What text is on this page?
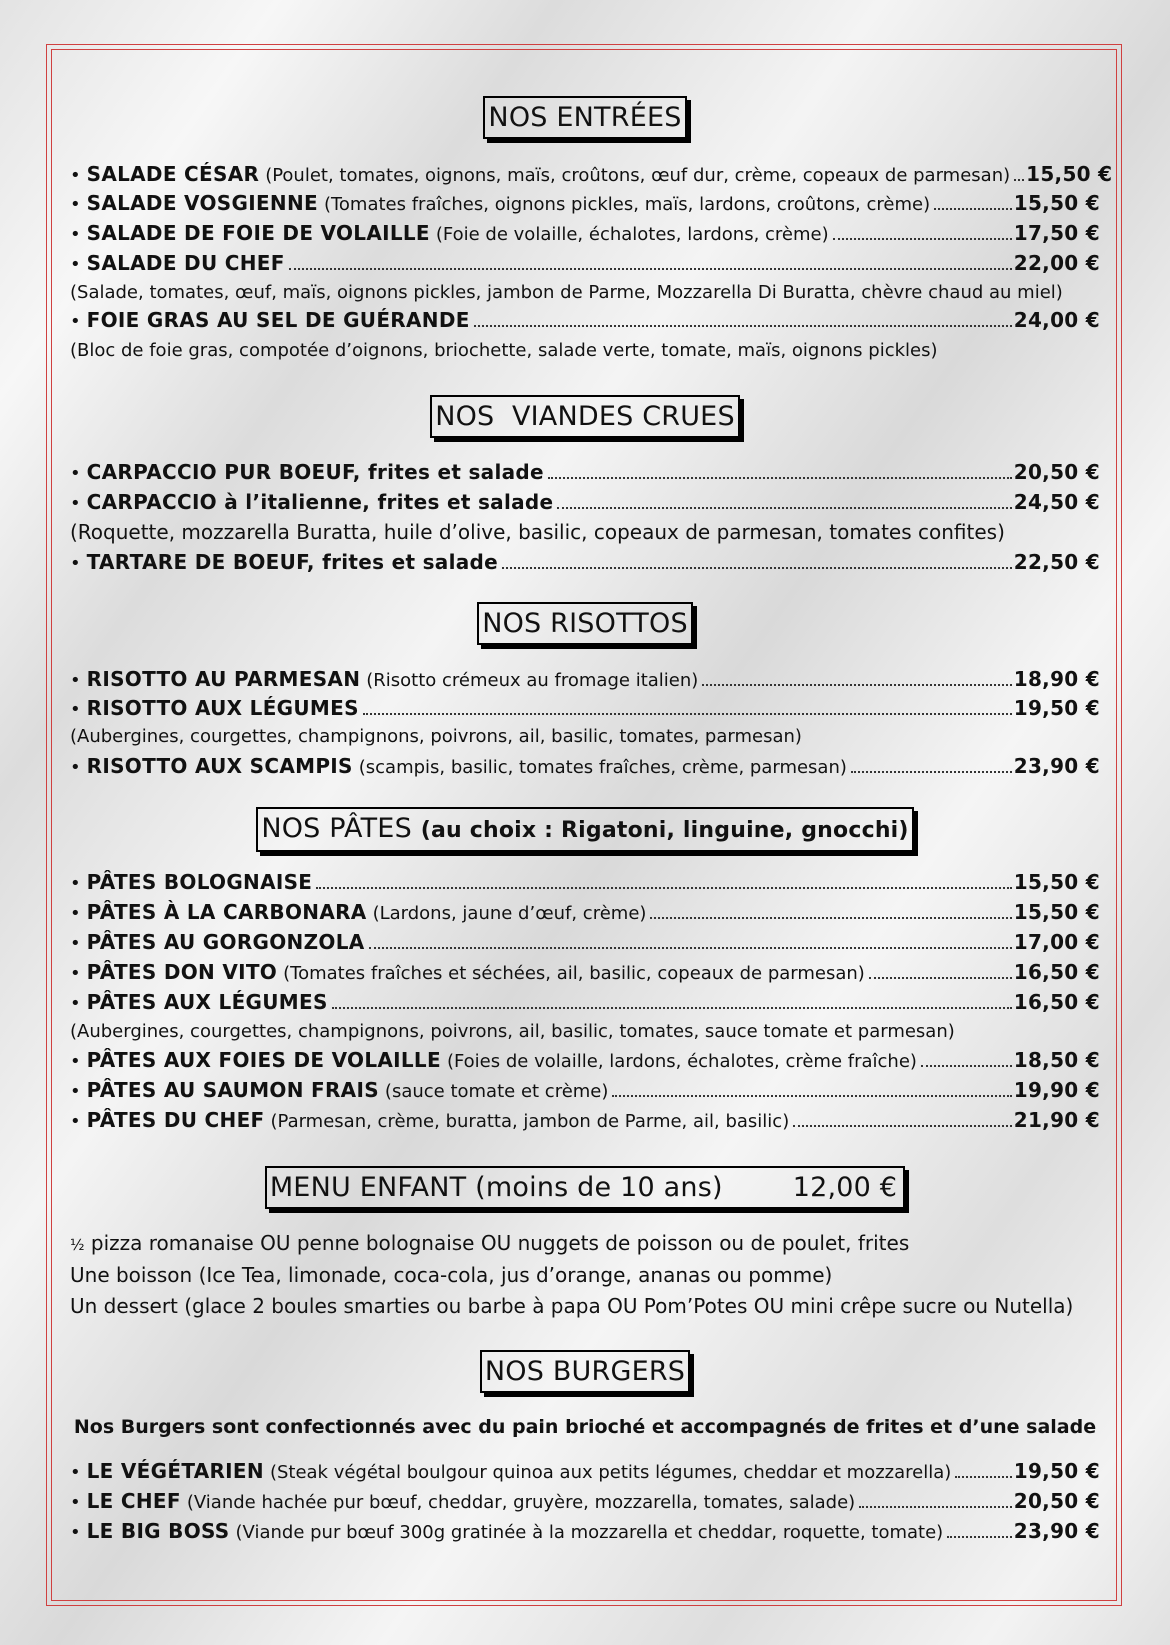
NOS ENTRÉES
• SALADE CÉSAR (Poulet, tomates, oignons, maïs, croûtons, œuf dur, crème, copeaux de parmesan) 15,50 €
• SALADE VOSGIENNE (Tomates fraîches, oignons pickles, maïs, lardons, croûtons, crème)	15,50 €
• SALADE DE FOIE DE VOLAILLE (Foie de volaille, échalotes, lardons, crème)	17,50 €
• SALADE DU CHEF	22,00 €
(Salade, tomates, œuf, maïs, oignons pickles, jambon de Parme, Mozzarella Di Buratta, chèvre chaud au miel)
• FOIE GRAS AU SEL DE GUÉRANDE	24,00 €
(Bloc de foie gras, compotée d’oignons, briochette, salade verte, tomate, maïs, oignons pickles)
NOS  VIANDES CRUES
• CARPACCIO PUR BOEUF, frites et salade	20,50 €
• CARPACCIO à l’italienne, frites et salade	24,50 €
(Roquette, mozzarella Buratta, huile d’olive, basilic, copeaux de parmesan, tomates confites)
• TARTARE DE BOEUF, frites et salade	22,50 €
NOS RISOTTOS
• RISOTTO AU PARMESAN (Risotto crémeux au fromage italien)	18,90 €
• RISOTTO AUX LÉGUMES	19,50 €
(Aubergines, courgettes, champignons, poivrons, ail, basilic, tomates, parmesan)
• RISOTTO AUX SCAMPIS (scampis, basilic, tomates fraîches, crème, parmesan)	23,90 €
NOS PÂTES (au choix : Rigatoni, linguine, gnocchi)
• PÂTES BOLOGNAISE	15,50 €
• PÂTES À LA CARBONARA (Lardons, jaune d’œuf, crème)	15,50 €
• PÂTES AU GORGONZOLA	17,00 €
• PÂTES DON VITO (Tomates fraîches et séchées, ail, basilic, copeaux de parmesan)	16,50 €
• PÂTES AUX LÉGUMES	16,50 €
(Aubergines, courgettes, champignons, poivrons, ail, basilic, tomates, sauce tomate et parmesan)
• PÂTES AUX FOIES DE VOLAILLE (Foies de volaille, lardons, échalotes, crème fraîche)	18,50 €
• PÂTES AU SAUMON FRAIS (sauce tomate et crème)	19,90 €
• PÂTES DU CHEF (Parmesan, crème, buratta, jambon de Parme, ail, basilic)	21,90 €
MENU ENFANT (moins de 10 ans)	12,00 €
½ pizza romanaise OU penne bolognaise OU nuggets de poisson ou de poulet, frites
Une boisson (Ice Tea, limonade, coca-cola, jus d’orange, ananas ou pomme)
Un dessert (glace 2 boules smarties ou barbe à papa OU Pom’Potes OU mini crêpe sucre ou Nutella)
NOS BURGERS
Nos Burgers sont confectionnés avec du pain brioché et accompagnés de frites et d’une salade
• LE VÉGÉTARIEN (Steak végétal boulgour quinoa aux petits légumes, cheddar et mozzarella)	19,50 €
• LE CHEF (Viande hachée pur bœuf, cheddar, gruyère, mozzarella, tomates, salade)	20,50 €
• LE BIG BOSS (Viande pur bœuf 300g gratinée à la mozzarella et cheddar, roquette, tomate)	23,90 €
